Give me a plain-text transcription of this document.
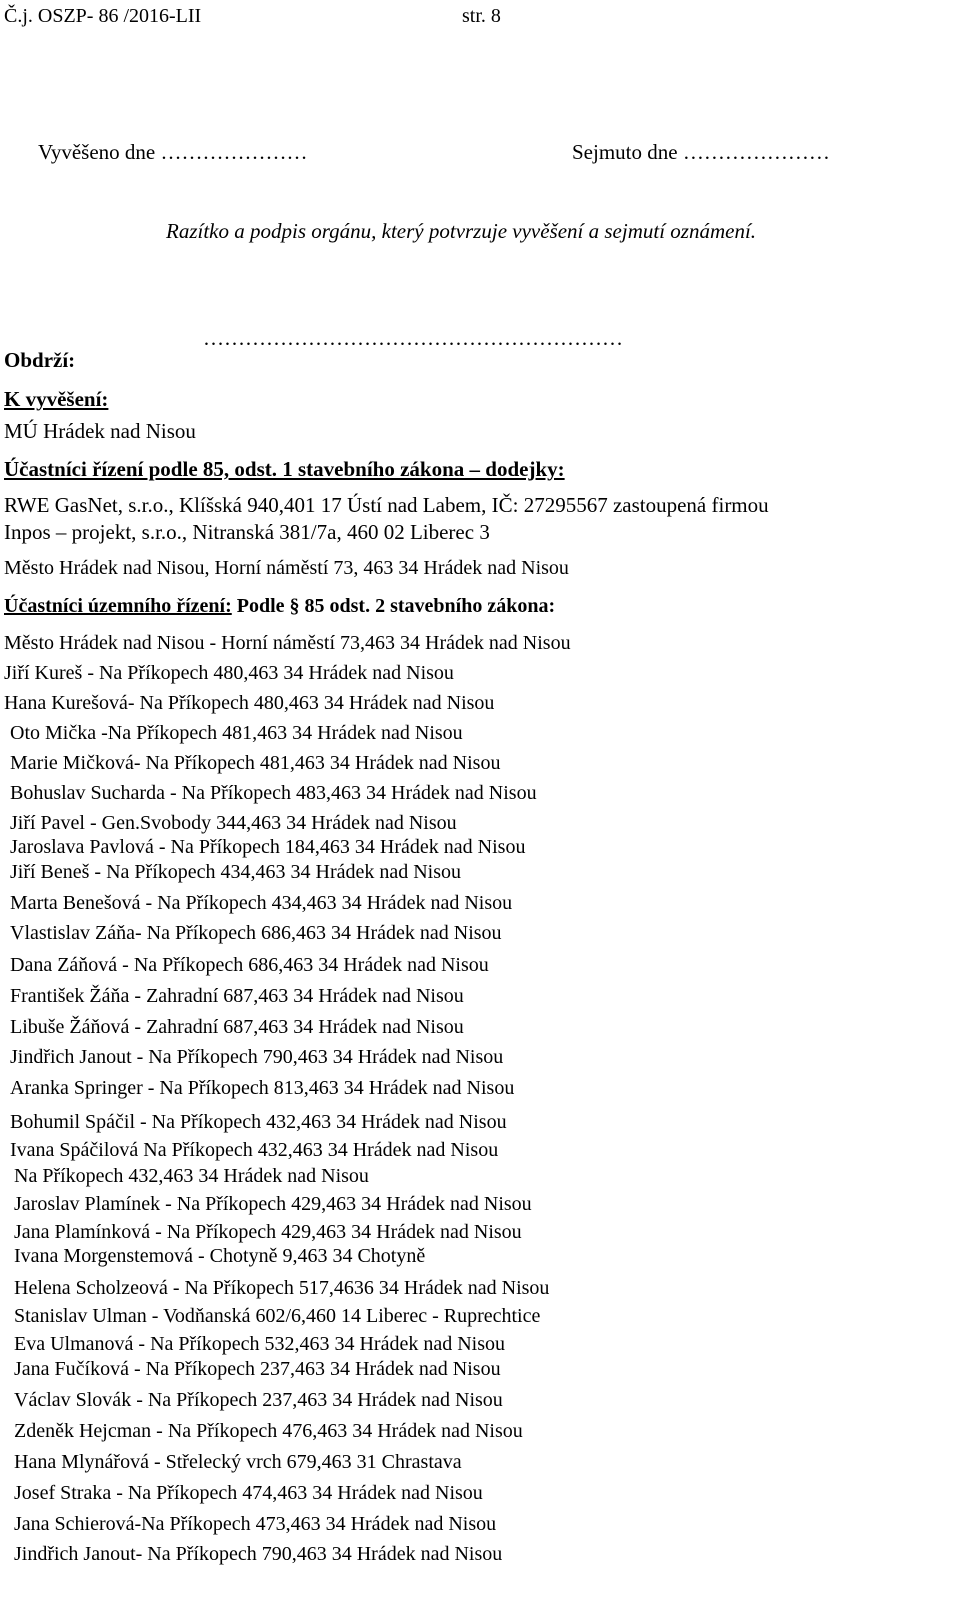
Č.j. OSZP- 86 /2016-LII	str. 8
Vyvěšeno dne …………………	Sejmuto dne …………………
Razítko a podpis orgánu, který potvrzuje vyvěšení a sejmutí oznámení.
……………………………………………………
Obdrží:
K vyvěšení:
MÚ Hrádek nad Nisou
Účastníci řízení podle 85, odst. 1 stavebního zákona – dodejky:
RWE GasNet, s.r.o., Klíšská 940,401 17 Ústí nad Labem, IČ: 27295567 zastoupená firmou
Inpos – projekt, s.r.o., Nitranská 381/7a, 460 02 Liberec 3
Město Hrádek nad Nisou, Horní náměstí 73, 463 34 Hrádek nad Nisou
Účastníci územního řízení: Podle § 85 odst. 2 stavebního zákona:
Město Hrádek nad Nisou - Horní náměstí 73,463 34 Hrádek nad Nisou
Jiří Kureš - Na Příkopech 480,463 34 Hrádek nad Nisou
Hana Kurešová- Na Příkopech 480,463 34 Hrádek nad Nisou
Oto Mička -Na Příkopech 481,463 34 Hrádek nad Nisou
Marie Mičková- Na Příkopech 481,463 34 Hrádek nad Nisou
Bohuslav Sucharda - Na Příkopech 483,463 34 Hrádek nad Nisou
Jiří Pavel - Gen.Svobody 344,463 34 Hrádek nad Nisou
Jaroslava Pavlová - Na Příkopech 184,463 34 Hrádek nad Nisou
Jiří Beneš - Na Příkopech 434,463 34 Hrádek nad Nisou
Marta Benešová - Na Příkopech 434,463 34 Hrádek nad Nisou
Vlastislav Záňa- Na Příkopech 686,463 34 Hrádek nad Nisou
Dana Záňová - Na Příkopech 686,463 34 Hrádek nad Nisou
František Žáňa - Zahradní 687,463 34 Hrádek nad Nisou
Libuše Žáňová - Zahradní 687,463 34 Hrádek nad Nisou
Jindřich Janout - Na Příkopech 790,463 34 Hrádek nad Nisou
Aranka Springer - Na Příkopech 813,463 34 Hrádek nad Nisou
Bohumil Spáčil - Na Příkopech 432,463 34 Hrádek nad Nisou
Ivana Spáčilová Na Příkopech 432,463 34 Hrádek nad Nisou
Na Příkopech 432,463 34 Hrádek nad Nisou
Jaroslav Plamínek - Na Příkopech 429,463 34 Hrádek nad Nisou
Jana Plamínková - Na Příkopech 429,463 34 Hrádek nad Nisou
Ivana Morgenstemová - Chotyně 9,463 34 Chotyně
Helena Scholzeová - Na Příkopech 517,4636 34 Hrádek nad Nisou
Stanislav Ulman - Vodňanská 602/6,460 14 Liberec - Ruprechtice
Eva Ulmanová - Na Příkopech 532,463 34 Hrádek nad Nisou
Jana Fučíková - Na Příkopech 237,463 34 Hrádek nad Nisou
Václav Slovák - Na Příkopech 237,463 34 Hrádek nad Nisou
Zdeněk Hejcman - Na Příkopech 476,463 34 Hrádek nad Nisou
Hana Mlynářová - Střelecký vrch 679,463 31 Chrastava
Josef Straka - Na Příkopech 474,463 34 Hrádek nad Nisou
Jana Schierová-Na Příkopech 473,463 34 Hrádek nad Nisou
Jindřich Janout- Na Příkopech 790,463 34 Hrádek nad Nisou
